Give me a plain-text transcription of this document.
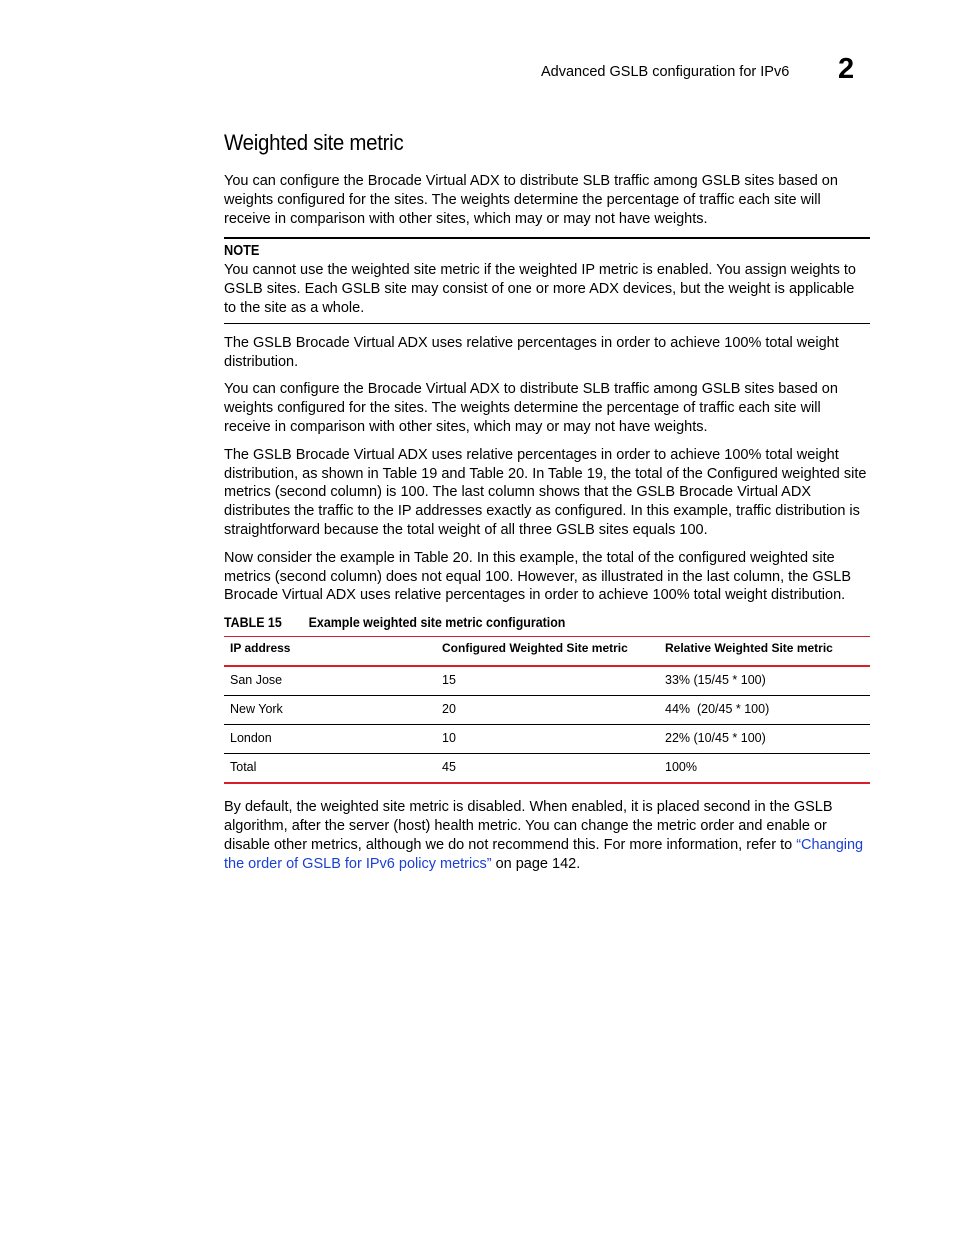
Advanced GSLB configuration for IPv6 2
Weighted site metric

You can configure the Brocade Virtual ADX to distribute SLB traffic among GSLB sites based on weights configured for the sites. The weights determine the percentage of traffic each site will receive in comparison with other sites, which may or may not have weights.

NOTE

You cannot use the weighted site metric if the weighted IP metric is enabled. You assign weights to GSLB sites. Each GSLB site may consist of one or more ADX devices, but the weight is applicable to the site as a whole.

The GSLB Brocade Virtual ADX uses relative percentages in order to achieve 100% total weight distribution.

You can configure the Brocade Virtual ADX to distribute SLB traffic among GSLB sites based on weights configured for the sites. The weights determine the percentage of traffic each site will receive in comparison with other sites, which may or may not have weights.

The GSLB Brocade Virtual ADX uses relative percentages in order to achieve 100% total weight distribution, as shown in Table 19 and Table 20. In Table 19, the total of the Configured weighted site metrics (second column) is 100. The last column shows that the GSLB Brocade Virtual ADX distributes the traffic to the IP addresses exactly as configured. In this example, traffic distribution is straightforward because the total weight of all three GSLB sites equals 100.

Now consider the example in Table 20. In this example, the total of the configured weighted site metrics (second column) does not equal 100. However, as illustrated in the last column, the GSLB Brocade Virtual ADX uses relative percentages in order to achieve 100% total weight distribution.

TABLE 15	Example weighted site metric configuration
IP address	Configured Weighted Site metric	Relative Weighted Site metric
San Jose	15	33% (15/45 * 100)
New York	20	44%  (20/45 * 100)
London	10	22% (10/45 * 100)
Total	45	100%

By default, the weighted site metric is disabled. When enabled, it is placed second in the GSLB algorithm, after the server (host) health metric. You can change the metric order and enable or disable other metrics, although we do not recommend this. For more information, refer to “Changing the order of GSLB for IPv6 policy metrics” on page 142.
